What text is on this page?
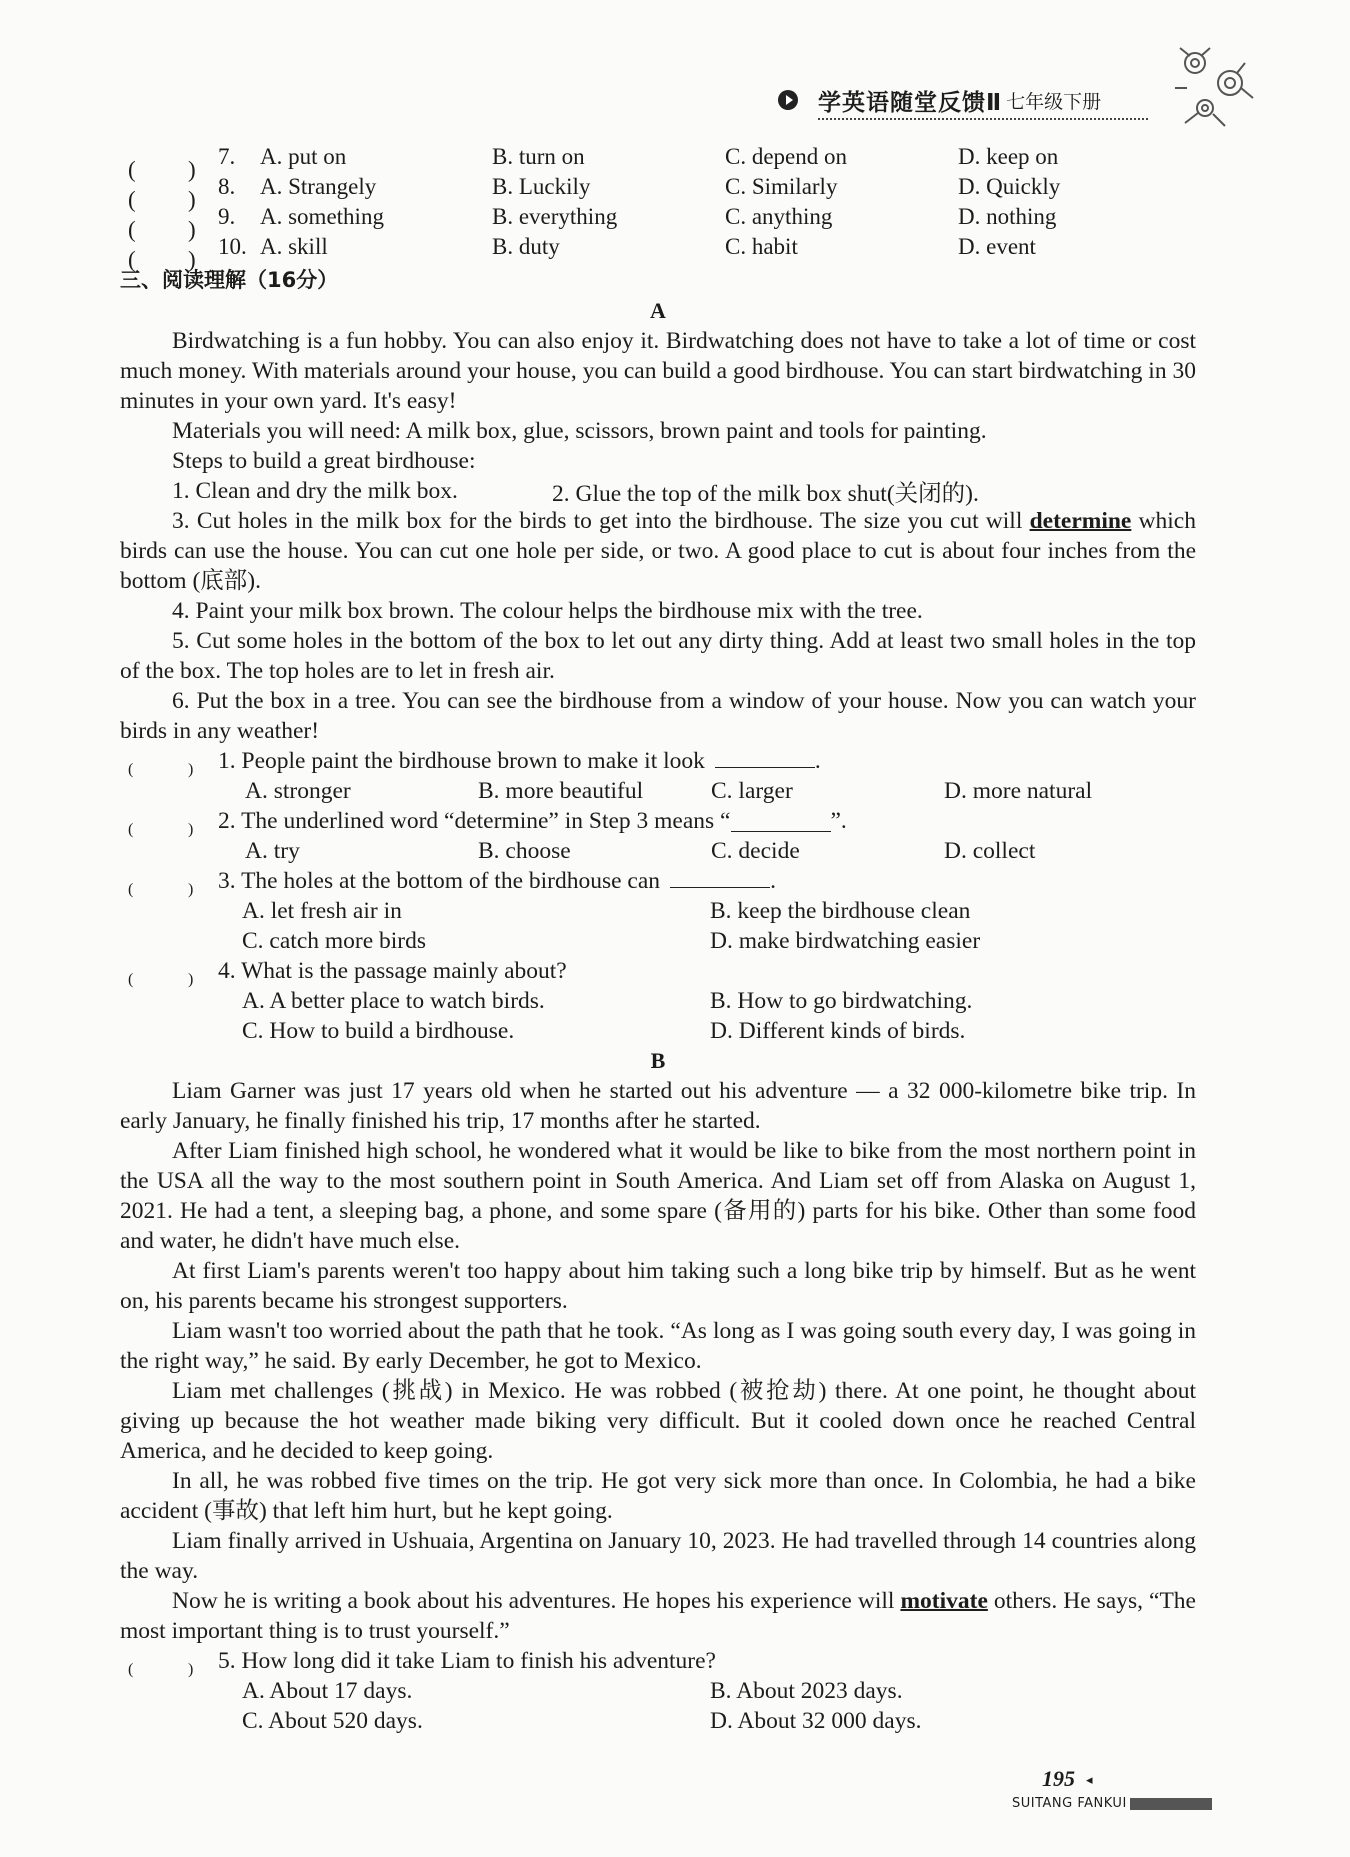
学英语随堂反馈Ⅱ 七年级下册
7.	A. put on	B. turn on	C. depend on	D. keep on
8.	A. Strangely	B. Luckily	C. Similarly	D. Quickly
9.	A. something	B. everything	C. anything	D. nothing
10. A. skill	B. duty	C. habit	D. event
三、阅读理解（16分）
A

Birdwatching is a fun hobby. You can also enjoy it. Birdwatching does not have to take a lot of time or cost much money. With materials around your house, you can build a good birdhouse. You can start birdwatching in 30 minutes in your own yard. It's easy!

Materials you will need: A milk box, glue, scissors, brown paint and tools for painting.

Steps to build a great birdhouse:

1. Clean and dry the milk box.	2. Glue the top of the milk box shut(关闭的).

3. Cut holes in the milk box for the birds to get into the birdhouse. The size you cut will determine which birds can use the house. You can cut one hole per side, or two. A good place to cut is about four inches from the bottom (底部).

4. Paint your milk box brown. The colour helps the birdhouse mix with the tree.

5. Cut some holes in the bottom of the box to let out any dirty thing. Add at least two small holes in the top of the box. The top holes are to let in fresh air.

6. Put the box in a tree. You can see the birdhouse from a window of your house. Now you can watch your birds in any weather!

1. People paint the birdhouse brown to make it look	.
A. stronger	B. more beautiful	C. larger	D. more natural
2. The underlined word “determine” in Step 3 means “	”.
A. try	B. choose	C. decide	D. collect
3. The holes at the bottom of the birdhouse can	.
A. let fresh air in	B. keep the birdhouse clean
C. catch more birds	D. make birdwatching easier
4. What is the passage mainly about?
A. A better place to watch birds.	B. How to go birdwatching.
C. How to build a birdhouse.	D. Different kinds of birds.
B

Liam Garner was just 17 years old when he started out his adventure — a 32 000-kilometre bike trip. In early January, he finally finished his trip, 17 months after he started.

After Liam finished high school, he wondered what it would be like to bike from the most northern point in the USA all the way to the most southern point in South America. And Liam set off from Alaska on August 1, 2021. He had a tent, a sleeping bag, a phone, and some spare (备用的) parts for his bike. Other than some food and water, he didn't have much else.

At first Liam's parents weren't too happy about him taking such a long bike trip by himself. But as he went on, his parents became his strongest supporters.

Liam wasn't too worried about the path that he took. “As long as I was going south every day, I was going in the right way,” he said. By early December, he got to Mexico.

Liam met challenges (挑战) in Mexico. He was robbed (被抢劫) there. At one point, he thought about giving up because the hot weather made biking very difficult. But it cooled down once he reached Central America, and he decided to keep going.

In all, he was robbed five times on the trip. He got very sick more than once. In Colombia, he had a bike accident (事故) that left him hurt, but he kept going.

Liam finally arrived in Ushuaia, Argentina on January 10, 2023. He had travelled through 14 countries along the way.

Now he is writing a book about his adventures. He hopes his experience will motivate others. He says, “The most important thing is to trust yourself.”

5. How long did it take Liam to finish his adventure?
A. About 17 days.	B. About 2023 days.
C. About 520 days.	D. About 32 000 days.
195 ◂
SUITANG FANKUI
